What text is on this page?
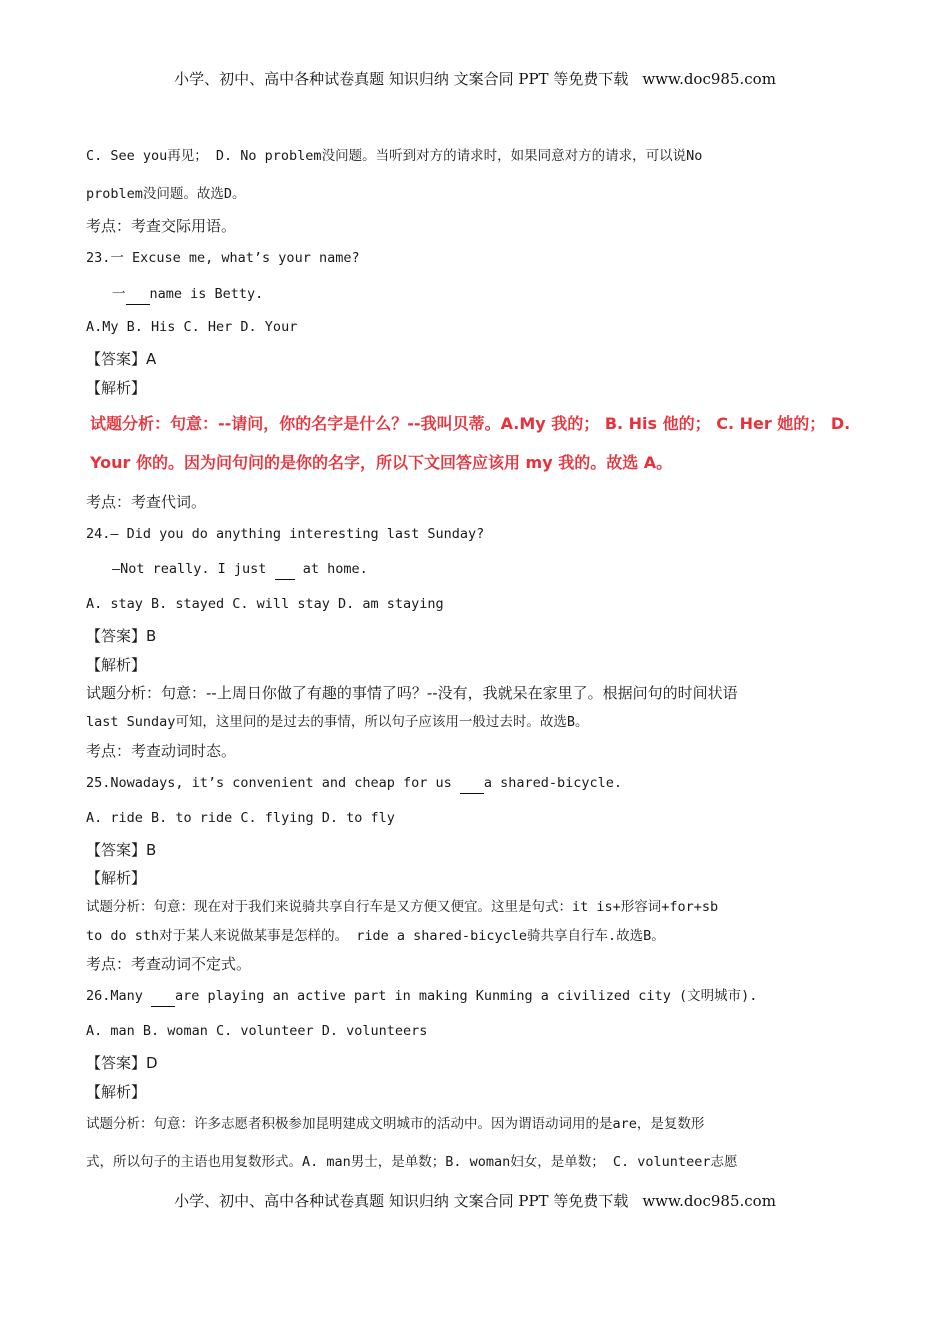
小学、初中、高中各种试卷真题 知识归纳 文案合同 PPT 等免费下载 www.doc985.com
C. See you再见； D. No problem没问题。当听到对方的请求时，如果同意对方的请求，可以说No
problem没问题。故选D。
考点：考查交际用语。
23.一 Excuse me, what’s your name?
一 name is Betty.
A.My B. His C. Her D. Your
【答案】A
【解析】
试题分析：句意：--请问，你的名字是什么？--我叫贝蒂。A.My 我的； B. His 他的； C. Her 她的； D.
Your 你的。因为问句问的是你的名字，所以下文回答应该用 my 我的。故选 A。
考点：考查代词。
24.— Did you do anything interesting last Sunday?
—Not really. I just   at home.
A. stay B. stayed C. will stay D. am staying
【答案】B
【解析】
试题分析：句意：--上周日你做了有趣的事情了吗？--没有，我就呆在家里了。根据问句的时间状语
last Sunday可知，这里问的是过去的事情，所以句子应该用一般过去时。故选B。
考点：考查动词时态。
25.Nowadays, it’s convenient and cheap for us  a shared-bicycle.
A. ride B. to ride C. flying D. to fly
【答案】B
【解析】
试题分析：句意：现在对于我们来说骑共享自行车是又方便又便宜。这里是句式：it is+形容词+for+sb
to do sth对于某人来说做某事是怎样的。 ride a shared-bicycle骑共享自行车.故选B。
考点：考查动词不定式。
26.Many  are playing an active part in making Kunming a civilized city (文明城市).
A. man B. woman C. volunteer D. volunteers
【答案】D
【解析】
试题分析：句意：许多志愿者积极参加昆明建成文明城市的活动中。因为谓语动词用的是are，是复数形
式，所以句子的主语也用复数形式。A. man男士，是单数；B. woman妇女，是单数； C. volunteer志愿
小学、初中、高中各种试卷真题 知识归纳 文案合同 PPT 等免费下载 www.doc985.com
